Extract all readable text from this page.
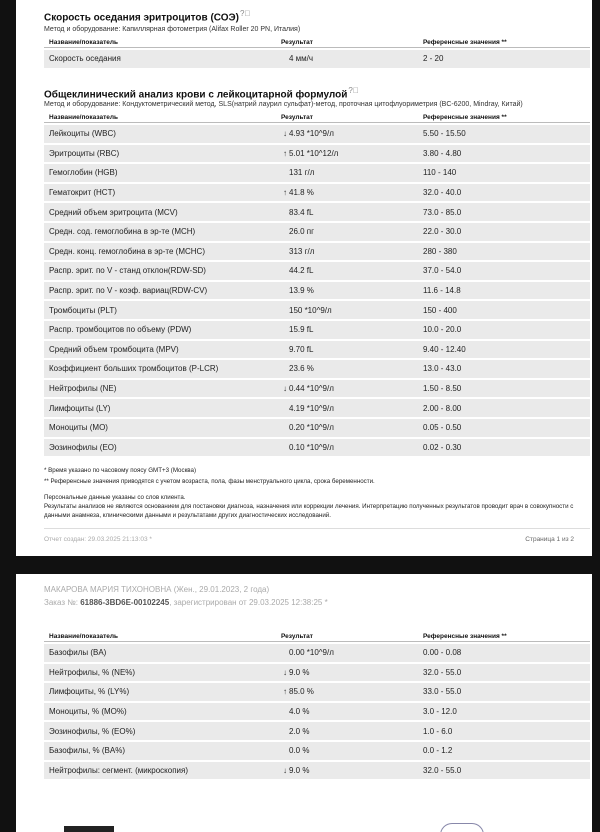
Скорость оседания эритроцитов (СОЭ)?⃝
Метод и оборудование: Капиллярная фотометрия (Alifax Roller 20 PN, Италия)
Название/показатель	Результат	Референсные значения **
Скорость оседания	4 мм/ч	2 - 20
Общеклинический анализ крови с лейкоцитарной формулой?⃝
Метод и оборудование: Кондуктометрический метод, SLS(натрий лаурил сульфат)-метод, проточная цитофлуориметрия (BC-6200, Mindray, Китай)
Название/показатель	Результат	Референсные значения **
Лейкоциты (WBC)	↓ 4.93 *10^9/л	5.50 - 15.50
Эритроциты (RBC)	↑ 5.01 *10^12/л	3.80 - 4.80
Гемоглобин (HGB)	131 г/л	110 - 140
Гематокрит (HCT)	↑ 41.8 %	32.0 - 40.0
Средний объем эритроцита (MCV)	83.4 fL	73.0 - 85.0
Средн. сод. гемоглобина в эр-те (MCH)	26.0 пг	22.0 - 30.0
Средн. конц. гемоглобина в эр-те (MCHC)	313 г/л	280 - 380
Распр. эрит. по V - станд отклон(RDW-SD)	44.2 fL	37.0 - 54.0
Распр. эрит. по V - коэф. вариац(RDW-CV)	13.9 %	11.6 - 14.8
Тромбоциты (PLT)	150 *10^9/л	150 - 400
Распр. тромбоцитов по объему (PDW)	15.9 fL	10.0 - 20.0
Средний объем тромбоцита (MPV)	9.70 fL	9.40 - 12.40
Коэффициент больших тромбоцитов (P-LCR)	23.6 %	13.0 - 43.0
Нейтрофилы (NE)	↓ 0.44 *10^9/л	1.50 - 8.50
Лимфоциты (LY)	4.19 *10^9/л	2.00 - 8.00
Моноциты (MO)	0.20 *10^9/л	0.05 - 0.50
Эозинофилы (EO)	0.10 *10^9/л	0.02 - 0.30
* Время указано по часовому поясу GMT+3 (Москва)
** Референсные значения приводятся с учетом возраста, пола, фазы менструального цикла, срока беременности.
Персональные данные указаны со слов клиента.
Результаты анализов не являются основанием для постановки диагноза, назначения или коррекции лечения. Интерпретацию полученных результатов проводит врач в совокупности с данными анамнеза, клиническими данными и результатами других диагностических исследований.
Отчет создан: 29.03.2025 21:13:03 *	Страница 1 из 2
МАКАРОВА МАРИЯ ТИХОНОВНА (Жен., 29.01.2023, 2 года)
Заказ №: 61886-3BD6E-00102245, зарегистрирован от 29.03.2025 12:38:25 *
Название/показатель	Результат	Референсные значения **
Базофилы (BA)	0.00 *10^9/л	0.00 - 0.08
Нейтрофилы, % (NE%)	↓ 9.0 %	32.0 - 55.0
Лимфоциты, % (LY%)	↑ 85.0 %	33.0 - 55.0
Моноциты, % (MO%)	4.0 %	3.0 - 12.0
Эозинофилы, % (EO%)	2.0 %	1.0 - 6.0
Базофилы, % (BA%)	0.0 %	0.0 - 1.2
Нейтрофилы: сегмент. (микроскопия)	↓ 9.0 %	32.0 - 55.0
